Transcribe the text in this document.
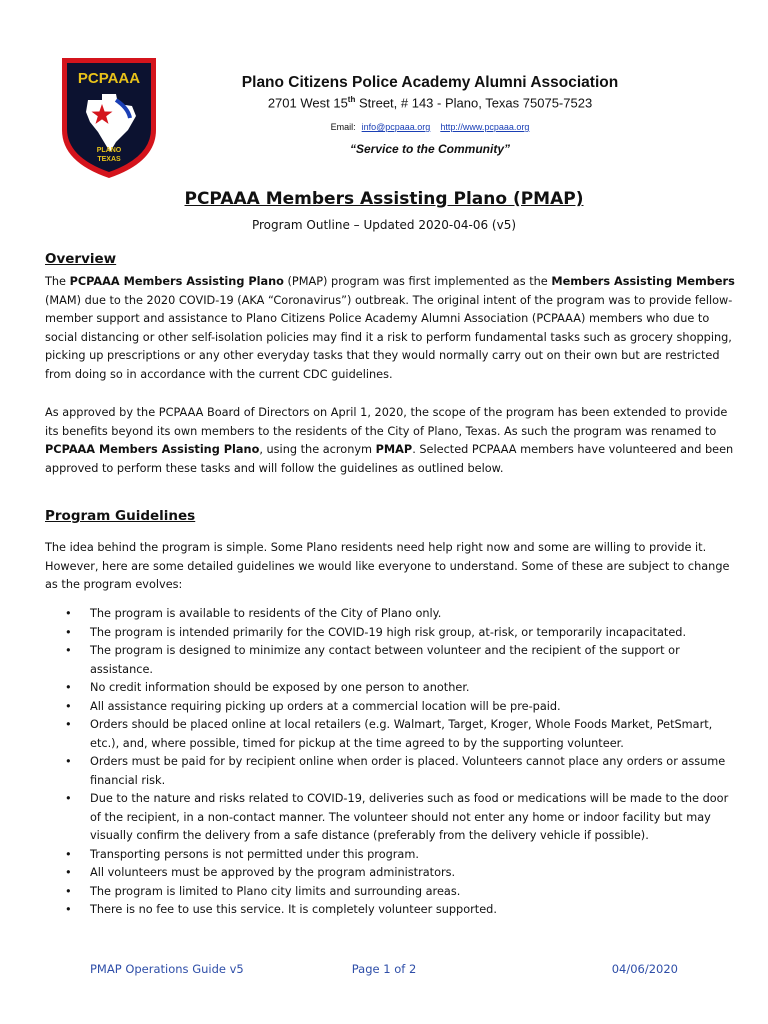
PCPAAA
PLANO
TEXAS
Plano Citizens Police Academy Alumni Association
2701 West 15th Street, # 143 - Plano, Texas 75075-7523
Email: info@pcpaaa.org http://www.pcpaaa.org
“Service to the Community”
PCPAAA Members Assisting Plano (PMAP)
Program Outline – Updated 2020-04-06 (v5)
Overview

The PCPAAA Members Assisting Plano (PMAP) program was first implemented as the Members Assisting Members (MAM) due to the 2020 COVID-19 (AKA “Coronavirus”) outbreak. The original intent of the program was to provide fellow-member support and assistance to Plano Citizens Police Academy Alumni Association (PCPAAA) members who due to social distancing or other self-isolation policies may find it a risk to perform fundamental tasks such as grocery shopping, picking up prescriptions or any other everyday tasks that they would normally carry out on their own but are restricted from doing so in accordance with the current CDC guidelines.

As approved by the PCPAAA Board of Directors on April 1, 2020, the scope of the program has been extended to provide its benefits beyond its own members to the residents of the City of Plano, Texas. As such the program was renamed to PCPAAA Members Assisting Plano, using the acronym PMAP. Selected PCPAAA members have volunteered and been approved to perform these tasks and will follow the guidelines as outlined below.

Program Guidelines

The idea behind the program is simple. Some Plano residents need help right now and some are willing to provide it. However, here are some detailed guidelines we would like everyone to understand. Some of these are subject to change as the program evolves:

• The program is available to residents of the City of Plano only.
• The program is intended primarily for the COVID-19 high risk group, at-risk, or temporarily incapacitated.
• The program is designed to minimize any contact between volunteer and the recipient of the support or assistance.
• No credit information should be exposed by one person to another.
• All assistance requiring picking up orders at a commercial location will be pre-paid.
• Orders should be placed online at local retailers (e.g. Walmart, Target, Kroger, Whole Foods Market, PetSmart, etc.), and, where possible, timed for pickup at the time agreed to by the supporting volunteer.
• Orders must be paid for by recipient online when order is placed. Volunteers cannot place any orders or assume financial risk.
• Due to the nature and risks related to COVID-19, deliveries such as food or medications will be made to the door of the recipient, in a non-contact manner. The volunteer should not enter any home or indoor facility but may visually confirm the delivery from a safe distance (preferably from the delivery vehicle if possible).
• Transporting persons is not permitted under this program.
• All volunteers must be approved by the program administrators.
• The program is limited to Plano city limits and surrounding areas.
• There is no fee to use this service. It is completely volunteer supported.
PMAP Operations Guide v5	Page 1 of 2	04/06/2020
